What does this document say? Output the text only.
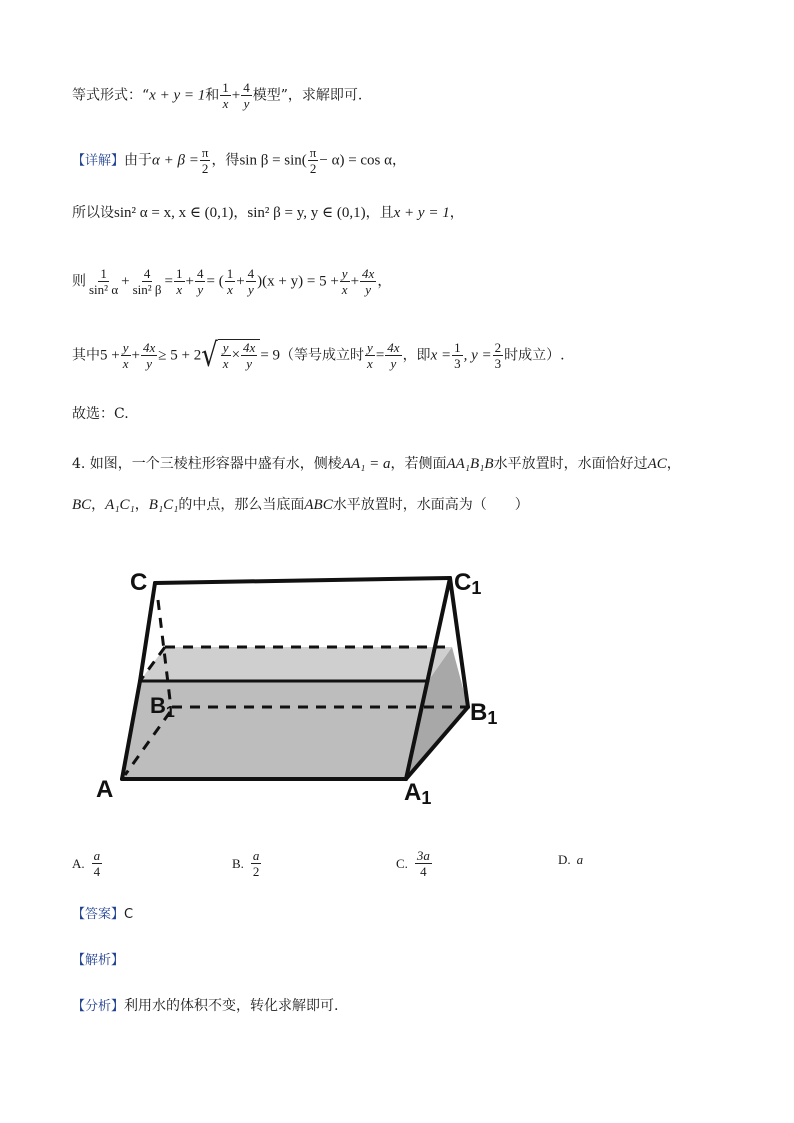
等式形式：“x + y = 1和 $\frac{1}{x} + \frac{4}{y}$ 模型”，求解即可.
【详解】由于$\alpha + \beta = \frac{\pi}{2}$ ，得$\sin \beta = \sin( \frac{\pi}{2} - \alpha) = \cos \alpha$，
所以设sin² α = x, x ∈ (0,1)，sin² β = y, y ∈ (0,1)，且x + y = 1，
则 $\frac{1}{\text{sin² α}} + \frac{4}{\text{sin² β}} = \frac{1}{x} + \frac{4}{y}$ = ( $\frac{1}{x} + \frac{4}{y} )(x + y) = 5 + \frac{y}{x} + \frac{4x}{y}$ ，
其中$5 + \frac{y}{x} + \frac{4x}{y} \ge 5 + 2$ √ $\frac{y}{x} \times \frac{4x}{y} = 9$（等号成立时 $\frac{y}{x} = \frac{4x}{y}$ ，即$x = \frac{1}{3}$ , $y = \frac{2}{3}$ 时成立）.
故选：C.
4. 如图，一个三棱柱形容器中盛有水，侧棱AA₁ = a，若侧面AA₁B₁B水平放置时，水面恰好过AC，
BC，A₁C₁，B₁C₁的中点，那么当底面ABC水平放置时，水面高为（　　）
C	C1
B1	B1
A	A1
A. $\frac{a}{4}$	B. $\frac{a}{2}$	C. $\frac{3a}{4}$	D. a
【答案】C
【解析】
【分析】利用水的体积不变，转化求解即可.
